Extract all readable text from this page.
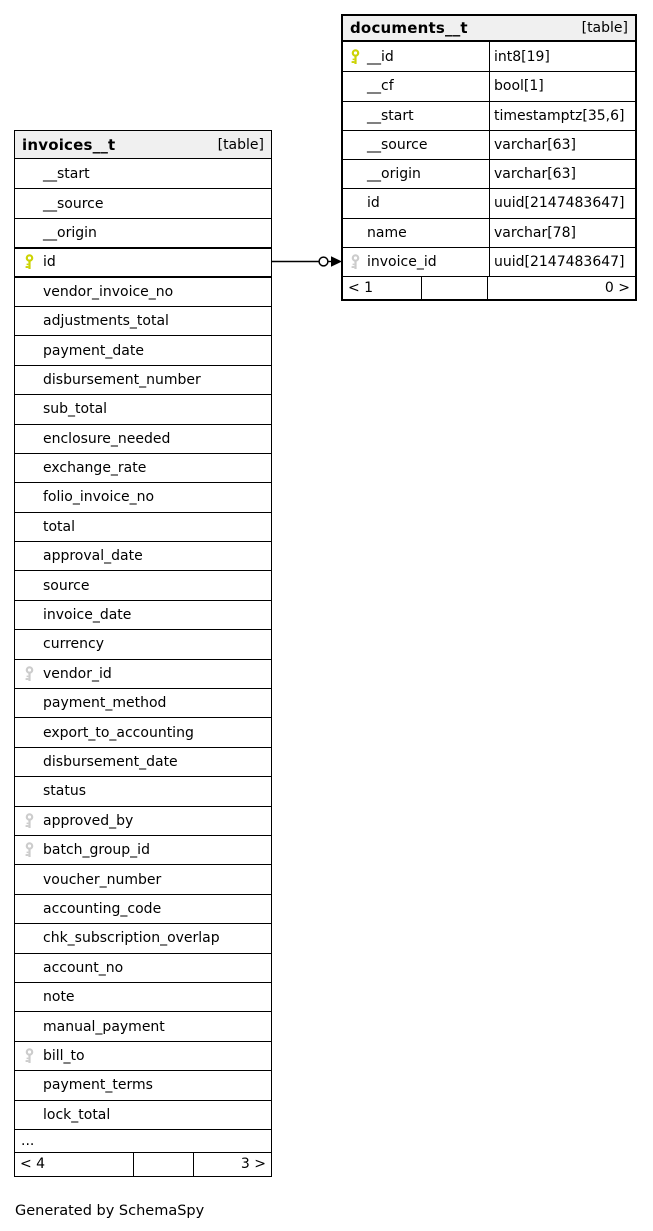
invoices__t	[table]
__start
__source
__origin
id
vendor_invoice_no
adjustments_total
payment_date
disbursement_number
sub_total
enclosure_needed
exchange_rate
folio_invoice_no
total
approval_date
source
invoice_date
currency
vendor_id
payment_method
export_to_accounting
disbursement_date
status
approved_by
batch_group_id
voucher_number
accounting_code
chk_subscription_overlap
account_no
note
manual_payment
bill_to
payment_terms
lock_total
...
< 4	3 >
documents__t	[table]
__id	int8[19]
__cf	bool[1]
__start	timestamptz[35,6]
__source	varchar[63]
__origin	varchar[63]
id	uuid[2147483647]
name	varchar[78]
invoice_id	uuid[2147483647]
< 1	0 >
Generated by SchemaSpy
